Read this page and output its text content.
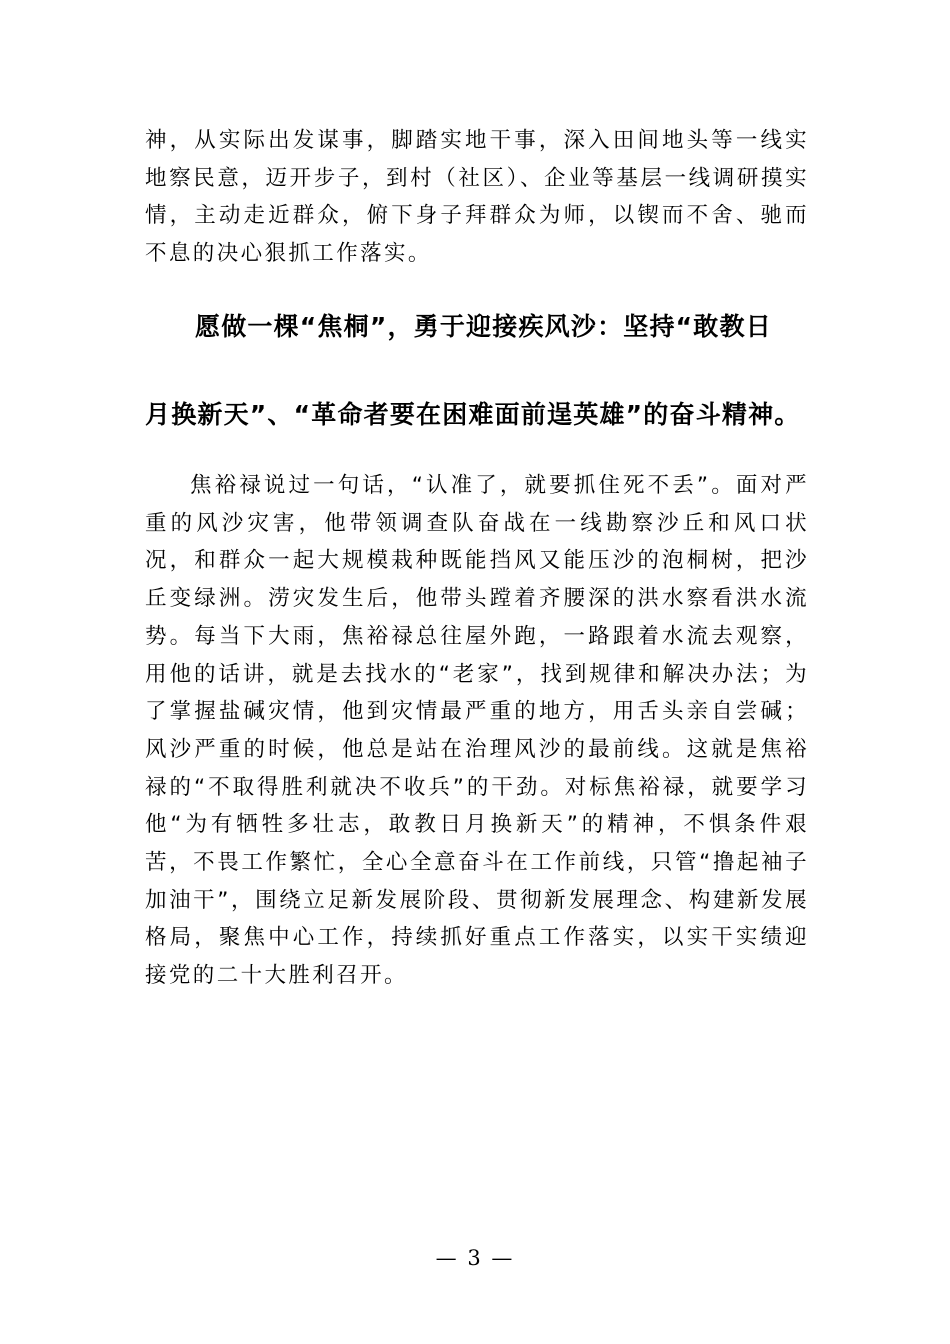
神，从实际出发谋事，脚踏实地干事，深入田间地头等一线实地察民意，迈开步子，到村（社区）、企业等基层一线调研摸实情，主动走近群众，俯下身子拜群众为师，以锲而不舍、驰而不息的决心狠抓工作落实。

愿做一棵“焦桐”，勇于迎接疾风沙：坚持“敢教日
月换新天”、“革命者要在困难面前逞英雄”的奋斗精神。

焦裕禄说过一句话，“认准了，就要抓住死不丢”。面对严重的风沙灾害，他带领调查队奋战在一线勘察沙丘和风口状况，和群众一起大规模栽种既能挡风又能压沙的泡桐树，把沙丘变绿洲。涝灾发生后，他带头蹚着齐腰深的洪水察看洪水流势。每当下大雨，焦裕禄总往屋外跑，一路跟着水流去观察，用他的话讲，就是去找水的“老家”，找到规律和解决办法；为了掌握盐碱灾情，他到灾情最严重的地方，用舌头亲自尝碱；风沙严重的时候，他总是站在治理风沙的最前线。这就是焦裕禄的“不取得胜利就决不收兵”的干劲。对标焦裕禄，就要学习他“为有牺牲多壮志，敢教日月换新天”的精神，不惧条件艰苦，不畏工作繁忙，全心全意奋斗在工作前线，只管“撸起袖子加油干”，围绕立足新发展阶段、贯彻新发展理念、构建新发展格局，聚焦中心工作，持续抓好重点工作落实，以实干实绩迎接党的二十大胜利召开。

— 3 —
